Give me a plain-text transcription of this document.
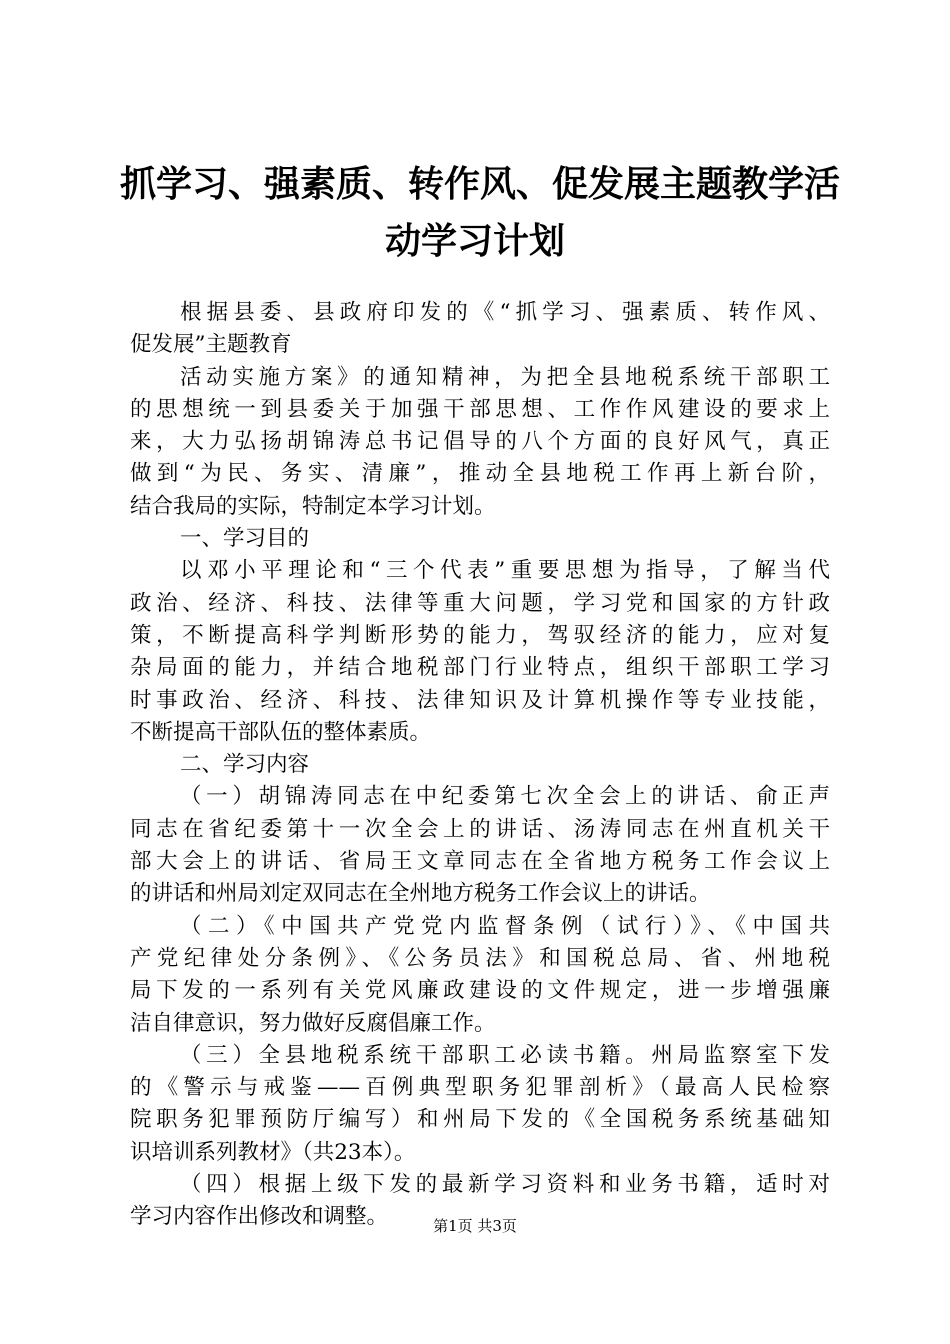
抓学习、强素质、转作风、促发展主题教学活
动学习计划
根据县委、县政府印发的《“抓学习、强素质、转作风、
促发展”主题教育
活动实施方案》的通知精神，为把全县地税系统干部职工
的思想统一到县委关于加强干部思想、工作作风建设的要求上
来，大力弘扬胡锦涛总书记倡导的八个方面的良好风气，真正
做到“为民、务实、清廉”，推动全县地税工作再上新台阶，
结合我局的实际，特制定本学习计划。
一、学习目的
以邓小平理论和“三个代表”重要思想为指导，了解当代
政治、经济、科技、法律等重大问题，学习党和国家的方针政
策，不断提高科学判断形势的能力，驾驭经济的能力，应对复
杂局面的能力，并结合地税部门行业特点，组织干部职工学习
时事政治、经济、科技、法律知识及计算机操作等专业技能，
不断提高干部队伍的整体素质。
二、学习内容
（一）胡锦涛同志在中纪委第七次全会上的讲话、俞正声
同志在省纪委第十一次全会上的讲话、汤涛同志在州直机关干
部大会上的讲话、省局王文章同志在全省地方税务工作会议上
的讲话和州局刘定双同志在全州地方税务工作会议上的讲话。
（二）《中国共产党党内监督条例（试行）》、《中国共
产党纪律处分条例》、《公务员法》和国税总局、省、州地税
局下发的一系列有关党风廉政建设的文件规定，进一步增强廉
洁自律意识，努力做好反腐倡廉工作。
（三）全县地税系统干部职工必读书籍。州局监察室下发
的《警示与戒鉴——百例典型职务犯罪剖析》（最高人民检察
院职务犯罪预防厅编写）和州局下发的《全国税务系统基础知
识培训系列教材》（共23本）。
（四）根据上级下发的最新学习资料和业务书籍，适时对
学习内容作出修改和调整。	第1页 共3页
